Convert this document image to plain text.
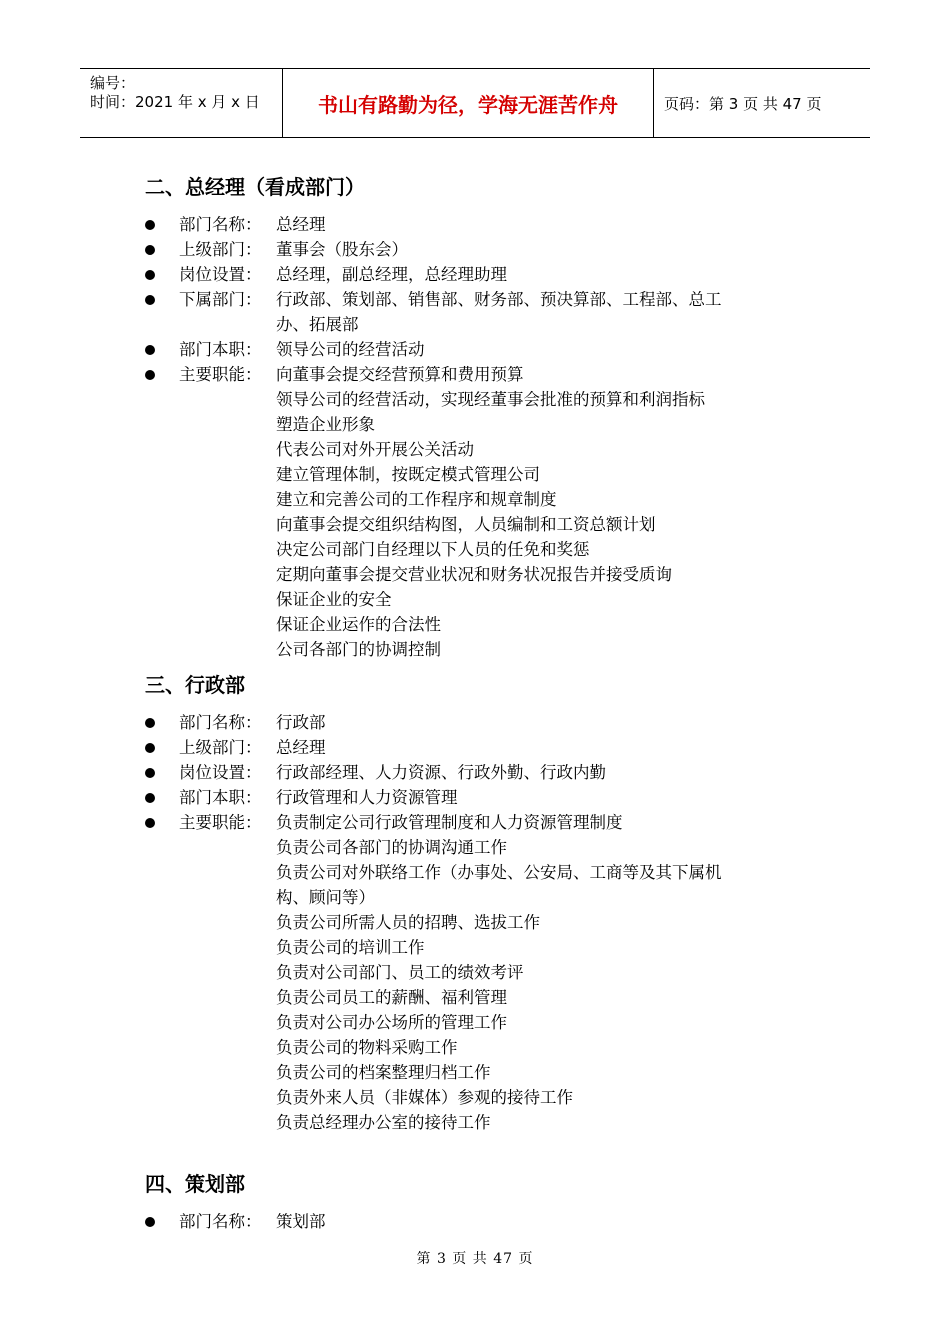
编号：
时间：2021 年 x 月 x 日	书山有路勤为径，学海无涯苦作舟	页码：第 3 页 共 47 页
二、总经理（看成部门）
部门名称： 总经理
上级部门： 董事会（股东会）
岗位设置： 总经理，副总经理，总经理助理
下属部门： 行政部、策划部、销售部、财务部、预决算部、工程部、总工
办、拓展部
部门本职： 领导公司的经营活动
主要职能： 向董事会提交经营预算和费用预算
领导公司的经营活动，实现经董事会批准的预算和利润指标
塑造企业形象
代表公司对外开展公关活动
建立管理体制，按既定模式管理公司
建立和完善公司的工作程序和规章制度
向董事会提交组织结构图，人员编制和工资总额计划
决定公司部门自经理以下人员的任免和奖惩
定期向董事会提交营业状况和财务状况报告并接受质询
保证企业的安全
保证企业运作的合法性
公司各部门的协调控制
三、行政部
部门名称： 行政部
上级部门： 总经理
岗位设置： 行政部经理、人力资源、行政外勤、行政内勤
部门本职： 行政管理和人力资源管理
主要职能： 负责制定公司行政管理制度和人力资源管理制度
负责公司各部门的协调沟通工作
负责公司对外联络工作（办事处、公安局、工商等及其下属机
构、顾问等）
负责公司所需人员的招聘、选拔工作
负责公司的培训工作
负责对公司部门、员工的绩效考评
负责公司员工的薪酬、福利管理
负责对公司办公场所的管理工作
负责公司的物料采购工作
负责公司的档案整理归档工作
负责外来人员（非媒体）参观的接待工作
负责总经理办公室的接待工作
四、策划部
部门名称： 策划部
第 3 页 共 47 页
